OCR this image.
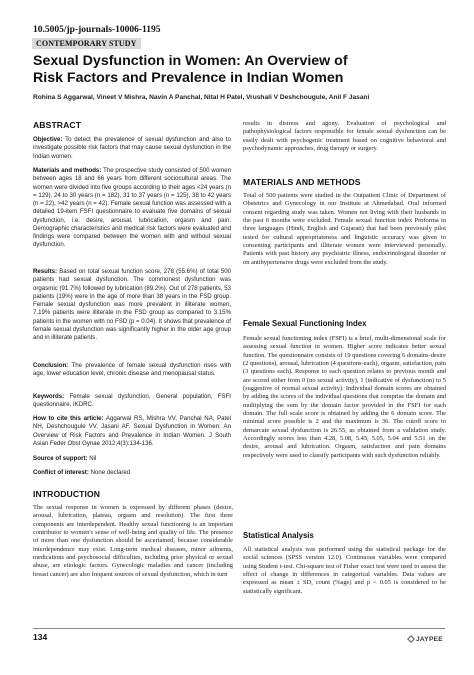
10.5005/jp-journals-10006-1195
CONTEMPORARY STUDY
Sexual Dysfunction in Women: An Overview of
Risk Factors and Prevalence in Indian Women
Rohina S Aggarwal, Vineet V Mishra, Navin A Panchal, Nital H Patel, Vrushali V Deshchougule, Anil F Jasani
ABSTRACT
Objective: To detect the prevalence of sexual dysfunction and also to investigate possible risk factors that may cause sexual dysfunction in the Indian women.
Materials and methods: The prospective study consisted of 500 women between ages 18 and 66 years from different sociocultural areas. The women were divided into five groups according to their ages <24 years (n = 129), 24 to 30 years (n = 182), 31 to 37 years (n = 125), 38 to 42 years (n = 22), >42 years (n = 42). Female sexual function was assessed with a detailed 19-item FSFI questionnaire to evaluate five domains of sexual dysfunction, i.e. desire, arousal, lubrication, orgasm and pain. Demographic characteristics and medical risk factors were evaluated and findings were compared between the women with and without sexual dysfunction.
Results: Based on total sexual function score, 278 (55.6%) of total 500 patients had sexual dysfunction. The commonest dysfunction was orgasmic (91.7%) followed by lubrication (89.2%). Out of 278 patients, 53 patients (19%) were in the age of more than 38 years in the FSD group. Female sexual dysfunction was more prevalent in illiterate women, 7.19% patients were illiterate in the FSD group as compared to 3.15% patients in the women with no FSD (p = 0.04). It shows that prevalence of female sexual dysfunction was significantly higher in the older age group and in illiterate patients.
Conclusion: The prevalence of female sexual dysfunction rises with age, lower education level, chronic disease and menopausal status.
Keywords: Female sexual dysfunction, General population, FSFI questionnaire, IKDRC.
How to cite this article: Aggarwal RS, Mishra VV, Panchal NA, Patel NH, Deshchougule VV, Jasani AF. Sexual Dysfunction in Women: An Overview of Risk Factors and Prevalence in Indian Women. J South Asian Feder Obst Gynae 2012;4(3):134-136.
Source of support: Nil
Conflict of interest: None declared
INTRODUCTION
The sexual response in women is expressed by different phases (desire, arousal, lubrication, plateau, orgasm and resolution). The first three components are interdependent. Healthy sexual functioning is an important contributor to women's sense of well-being and quality of life. The presence of more than one dysfunction should be ascertained, because considerable interdependence may exist. Long-term medical diseases, minor ailments, medications and psychosocial difficulties, including prior physical or sexual abuse, are etiologic factors. Gynecologic maladies and cancer (including breast cancer) are also frequent sources of sexual dysfunction, which in turn
results in distress and agony. Evaluation of psychological and pathophysiological factors responsible for female sexual dysfunction can be easily dealt with psychogenic treatment based on cognitive behavioral and psychodynamic approaches, drug therapy or surgery.
MATERIALS AND METHODS
Total of 500 patients were studied in the Outpatient Clinic of Department of Obstetrics and Gynecology in our Institute at Ahmedabad. Oral informed consent regarding study was taken. Women not living with their husbands in the past 6 months were excluded. Female sexual function index Proforma in three languages (Hindi, English and Gujarati) that had been previously pilot tested for cultural appropriateness and linguistic accuracy was given to consenting participants and illiterate women were interviewed personally. Patients with past history any psychiatric illness, endocrinological disorder or on antihypertensive drugs were excluded from the study.
Female Sexual Functioning Index
Female sexual functioning index (FSFI) is a brief, multi-dimensional scale for assessing sexual function in women. Higher score indicates better sexual function. The questionnaire consists of 19 questions covering 6 domains-desire (2 questions), arousal, lubrication (4 questions-each), orgasm, satisfaction, pain (3 questions each). Response to each question relates to previous month and are scored either from 0 (no sexual activity), 1 (indicative of dysfunction) to 5 (suggestive of normal sexual activity). Individual domain scores are obtained by adding the scores of the individual questions that comprise the domain and multiplying the sum by the domain factor provided in the FSFI for each domain. The full scale score is obtained by adding the 6 domain score. The minimal score possible is 2 and the maximum is 36. The cutoff score to demarcate sexual dysfunction is 26.55, as obtained from a validation study. Accordingly scores less than 4.28, 5.08, 5.45, 5.05, 5.04 and 5.51 on the desire, arousal and lubrication. Orgasm, satisfaction and pain domains respectively were used to classify participants with such dysfunction reliably.
Statistical Analysis
All statistical analysis was performed using the statistical package for the social sciences (SPSS version 12.0). Continuous variables were compared using Student t-test. Chi-square test of Fisher exact test were used to assess the effect of change in differences in categorical variables. Data values are expressed as mean ± SD, count (%age) and p < 0.05 is considered to be statistically significant.
134	JAYPEE
